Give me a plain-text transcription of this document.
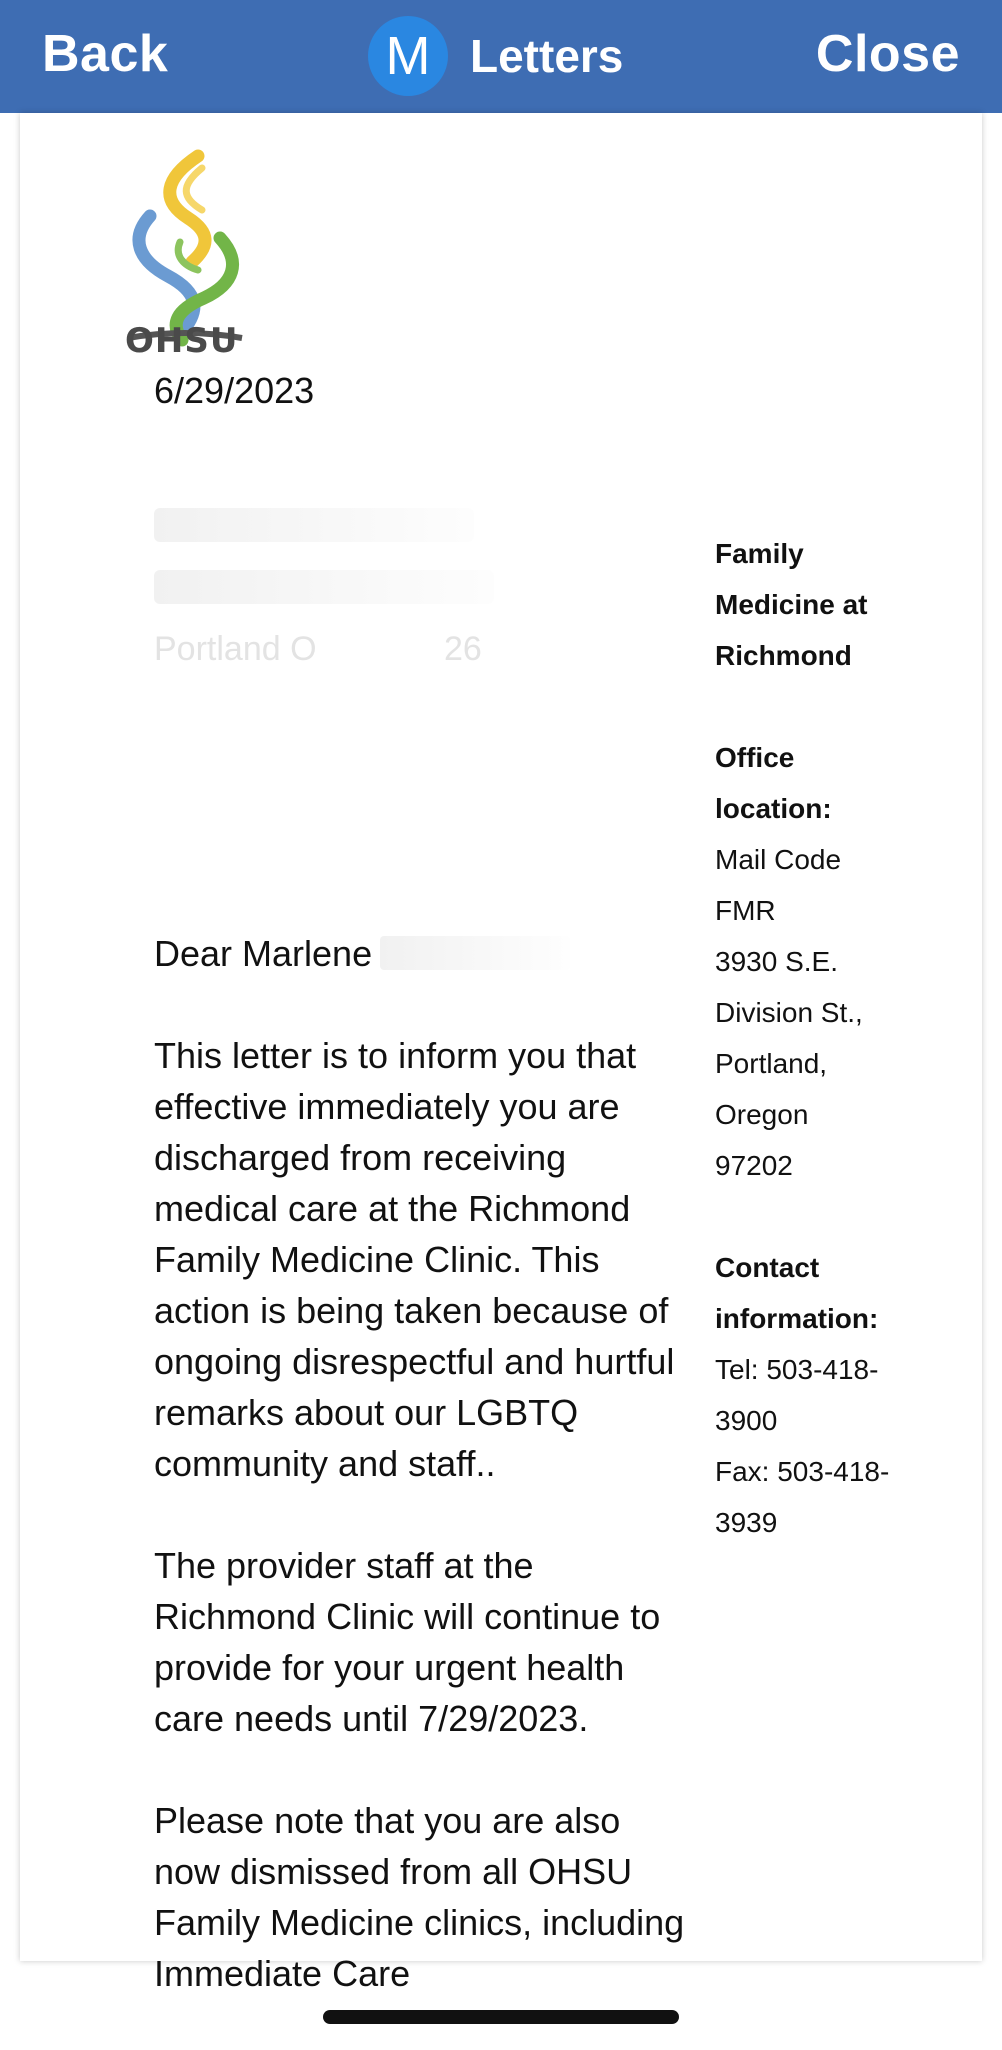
Back	M Letters	Close
OHSU
6/29/2023
Portland O	26
Dear Marlene

This letter is to inform you that effective immediately you are discharged from receiving medical care at the Richmond Family Medicine Clinic. This action is being taken because of ongoing disrespectful and hurtful remarks about our LGBTQ community and staff..

The provider staff at the Richmond Clinic will continue to provide for your urgent health care needs until 7/29/2023.

Please note that you are also now dismissed from all OHSU Family Medicine clinics, including Immediate Care

Family
Medicine at
Richmond
Office
location:
Mail Code
FMR
3930 S.E.
Division St.,
Portland,
Oregon
97202
Contact
information:
Tel: 503-418-
3900
Fax: 503-418-
3939
